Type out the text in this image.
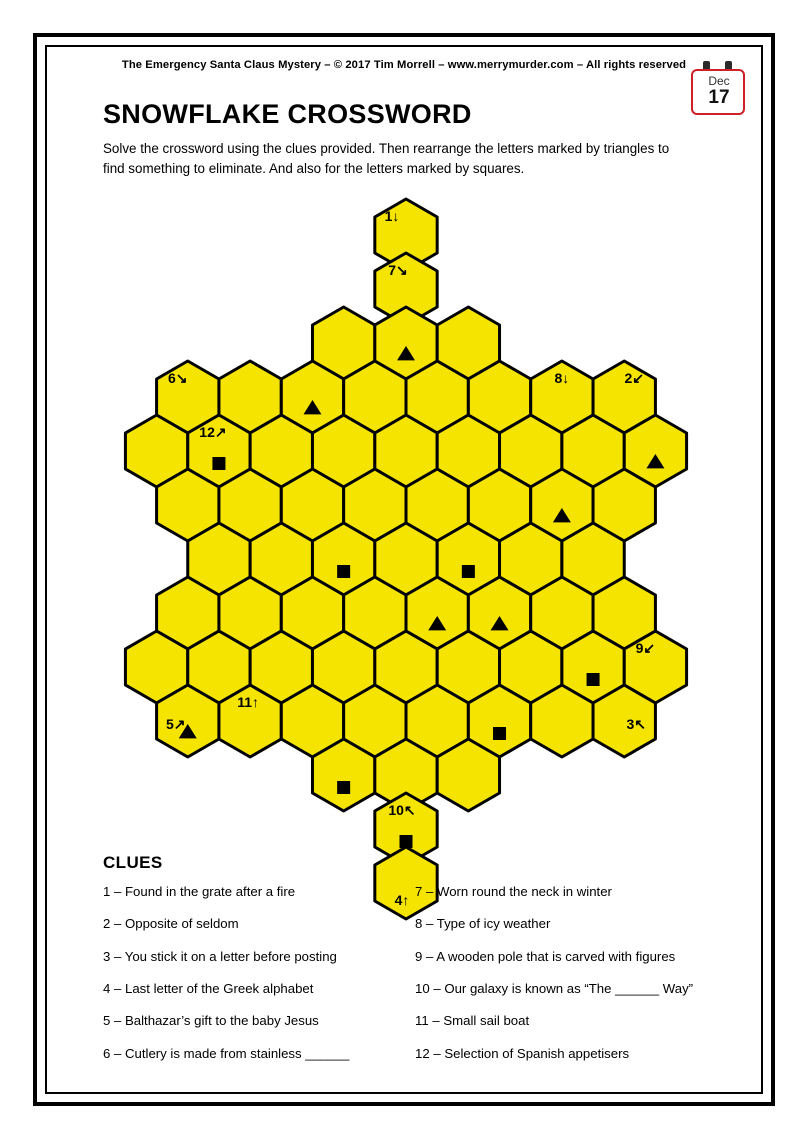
The Emergency Santa Claus Mystery – © 2017 Tim Morrell – www.merrymurder.com – All rights reserved
Dec
17
SNOWFLAKE CROSSWORD
Solve the crossword using the clues provided. Then rearrange the letters marked by triangles to find something to eliminate. And also for the letters marked by squares.
1↓
2↙
3↖
4↑
5↗
6↘
7↘
8↓
9↙
10↖
11↑
12↗
CLUES
1 – Found in the grate after a fire
2 – Opposite of seldom
3 – You stick it on a letter before posting
4 – Last letter of the Greek alphabet
5 – Balthazar’s gift to the baby Jesus
6 – Cutlery is made from stainless ______
7 – Worn round the neck in winter
8 – Type of icy weather
9 – A wooden pole that is carved with figures
10 – Our galaxy is known as “The ______ Way”
11 – Small sail boat
12 – Selection of Spanish appetisers
